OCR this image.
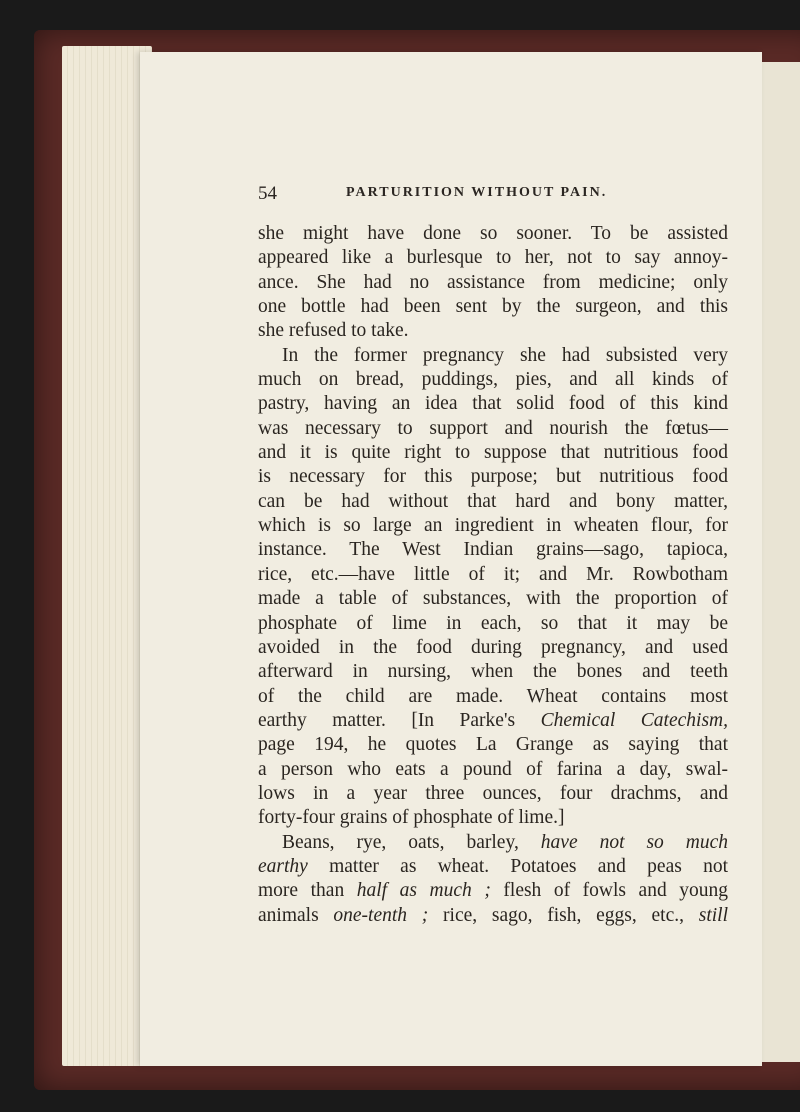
54	PARTURITION WITHOUT PAIN.
she might have done so sooner. To be assisted
appeared like a burlesque to her, not to say annoy-
ance. She had no assistance from medicine; only
one bottle had been sent by the surgeon, and this
she refused to take.
In the former pregnancy she had subsisted very
much on bread, puddings, pies, and all kinds of
pastry, having an idea that solid food of this kind
was necessary to support and nourish the fœtus—
and it is quite right to suppose that nutritious food
is necessary for this purpose; but nutritious food
can be had without that hard and bony matter,
which is so large an ingredient in wheaten flour, for
instance. The West Indian grains—sago, tapioca,
rice, etc.—have little of it; and Mr. Rowbotham
made a table of substances, with the proportion of
phosphate of lime in each, so that it may be
avoided in the food during pregnancy, and used
afterward in nursing, when the bones and teeth
of the child are made. Wheat contains most
earthy matter. [In Parke's Chemical Catechism,
page 194, he quotes La Grange as saying that
a person who eats a pound of farina a day, swal-
lows in a year three ounces, four drachms, and
forty-four grains of phosphate of lime.]
Beans, rye, oats, barley, have not so much
earthy matter as wheat. Potatoes and peas not
more than half as much ; flesh of fowls and young
animals one-tenth ; rice, sago, fish, eggs, etc., still
